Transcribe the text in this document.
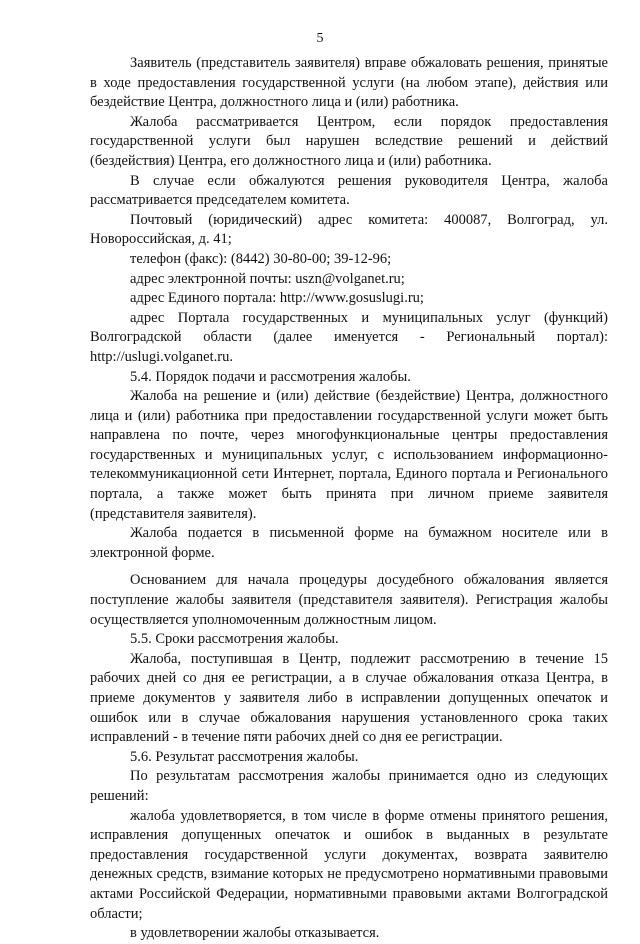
5

Заявитель (представитель заявителя) вправе обжаловать решения, принятые в ходе предоставления государственной услуги (на любом этапе), действия или бездействие Центра, должностного лица и (или) работника.

Жалоба рассматривается Центром, если порядок предоставления государственной услуги был нарушен вследствие решений и действий (бездействия) Центра, его должностного лица и (или) работника.

В случае если обжалуются решения руководителя Центра, жалоба рассматривается председателем комитета.

Почтовый (юридический) адрес комитета: 400087, Волгоград, ул. Новороссийская, д. 41;

телефон (факс): (8442) 30-80-00; 39-12-96;

адрес электронной почты: uszn@volganet.ru;

адрес Единого портала: http://www.gosuslugi.ru;

адрес Портала государственных и муниципальных услуг (функций) Волгоградской области (далее именуется - Региональный портал): http://uslugi.volganet.ru.

5.4. Порядок подачи и рассмотрения жалобы.

Жалоба на решение и (или) действие (бездействие) Центра, должностного лица и (или) работника при предоставлении государственной услуги может быть направлена по почте, через многофункциональные центры предоставления государственных и муниципальных услуг, с использованием информационно-телекоммуникационной сети Интернет, портала, Единого портала и Регионального портала, а также может быть принята при личном приеме заявителя (представителя заявителя).

Жалоба подается в письменной форме на бумажном носителе или в электронной форме.

Основанием для начала процедуры досудебного обжалования является поступление жалобы заявителя (представителя заявителя). Регистрация жалобы осуществляется уполномоченным должностным лицом.

5.5. Сроки рассмотрения жалобы.

Жалоба, поступившая в Центр, подлежит рассмотрению в течение 15 рабочих дней со дня ее регистрации, а в случае обжалования отказа Центра, в приеме документов у заявителя либо в исправлении допущенных опечаток и ошибок или в случае обжалования нарушения установленного срока таких исправлений - в течение пяти рабочих дней со дня ее регистрации.

5.6. Результат рассмотрения жалобы.

По результатам рассмотрения жалобы принимается одно из следующих решений:

жалоба удовлетворяется, в том числе в форме отмены принятого решения, исправления допущенных опечаток и ошибок в выданных в результате предоставления государственной услуги документах, возврата заявителю денежных средств, взимание которых не предусмотрено нормативными правовыми актами Российской Федерации, нормативными правовыми актами Волгоградской области;

в удовлетворении жалобы отказывается.
